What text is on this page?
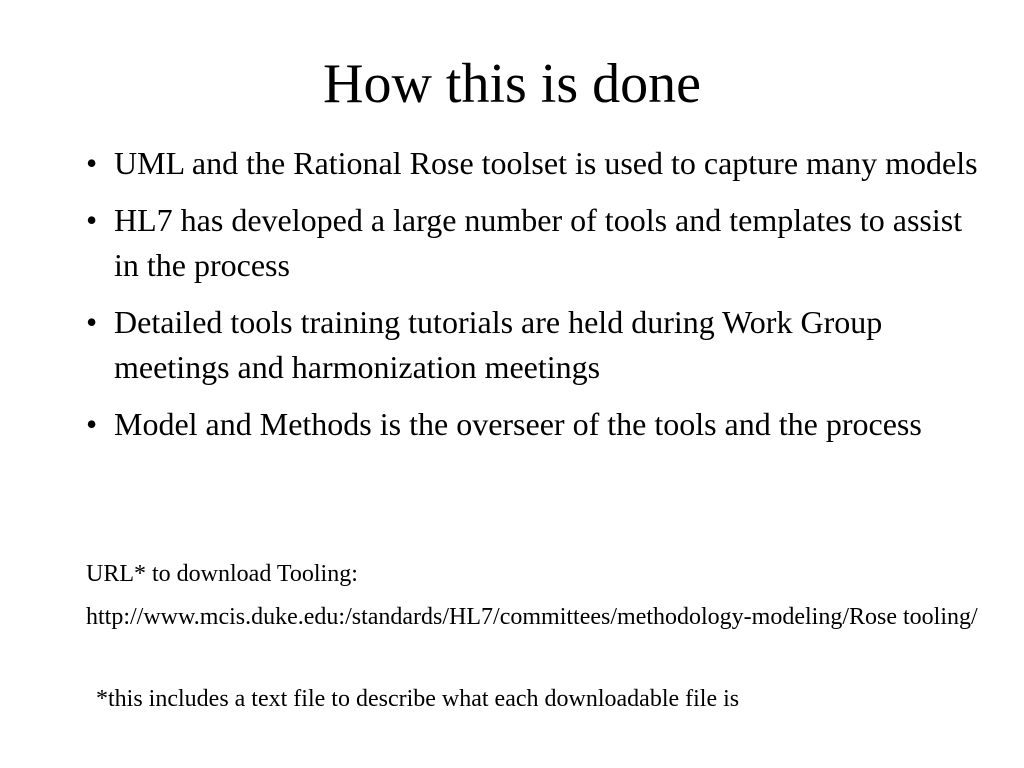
How this is done
• UML and the Rational Rose toolset is used to capture many models
• HL7 has developed a large number of tools and templates to assist in the process
• Detailed tools training tutorials are held during Work Group meetings and harmonization meetings
• Model and Methods is the overseer of the tools and the process

URL* to download Tooling:

http://www.mcis.duke.edu:/standards/HL7/committees/methodology-modeling/Rose tooling/

*this includes a text file to describe what each downloadable file is
